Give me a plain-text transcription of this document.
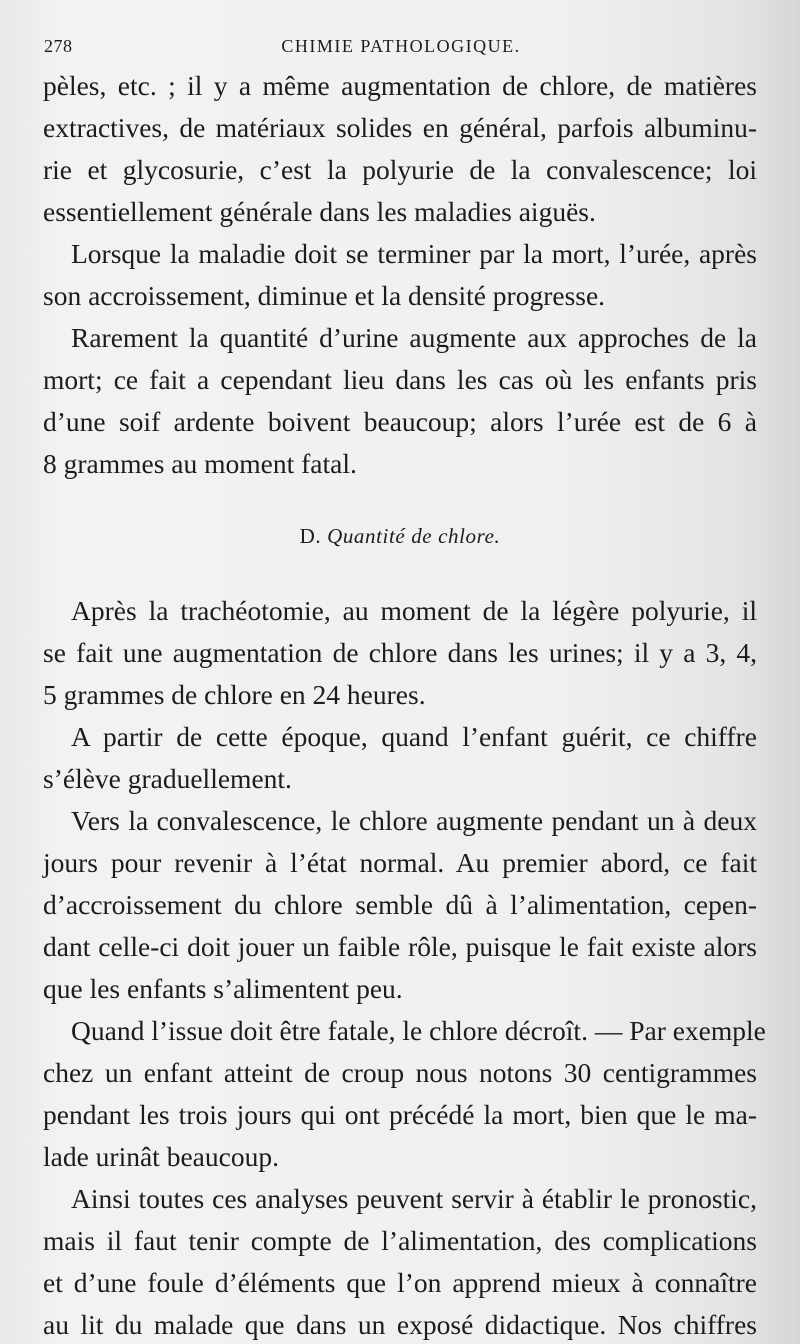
278	CHIMIE PATHOLOGIQUE.
pèles, etc. ; il y a même augmentation de chlore, de matières
extractives, de matériaux solides en général, parfois albuminu-
rie et glycosurie, c’est la polyurie de la convalescence; loi
essentiellement générale dans les maladies aiguës.
Lorsque la maladie doit se terminer par la mort, l’urée, après
son accroissement, diminue et la densité progresse.
Rarement la quantité d’urine augmente aux approches de la
mort; ce fait a cependant lieu dans les cas où les enfants pris
d’une soif ardente boivent beaucoup; alors l’urée est de 6 à
8 grammes au moment fatal.
D. Quantité de chlore.
Après la trachéotomie, au moment de la légère polyurie, il
se fait une augmentation de chlore dans les urines; il y a 3, 4,
5 grammes de chlore en 24 heures.
A partir de cette époque, quand l’enfant guérit, ce chiffre
s’élève graduellement.
Vers la convalescence, le chlore augmente pendant un à deux
jours pour revenir à l’état normal. Au premier abord, ce fait
d’accroissement du chlore semble dû à l’alimentation, cepen-
dant celle-ci doit jouer un faible rôle, puisque le fait existe alors
que les enfants s’alimentent peu.
Quand l’issue doit être fatale, le chlore décroît. — Par exemple
chez un enfant atteint de croup nous notons 30 centigrammes
pendant les trois jours qui ont précédé la mort, bien que le ma-
lade urinât beaucoup.
Ainsi toutes ces analyses peuvent servir à établir le pronostic,
mais il faut tenir compte de l’alimentation, des complications
et d’une foule d’éléments que l’on apprend mieux à connaître
au lit du malade que dans un exposé didactique. Nos chiffres
